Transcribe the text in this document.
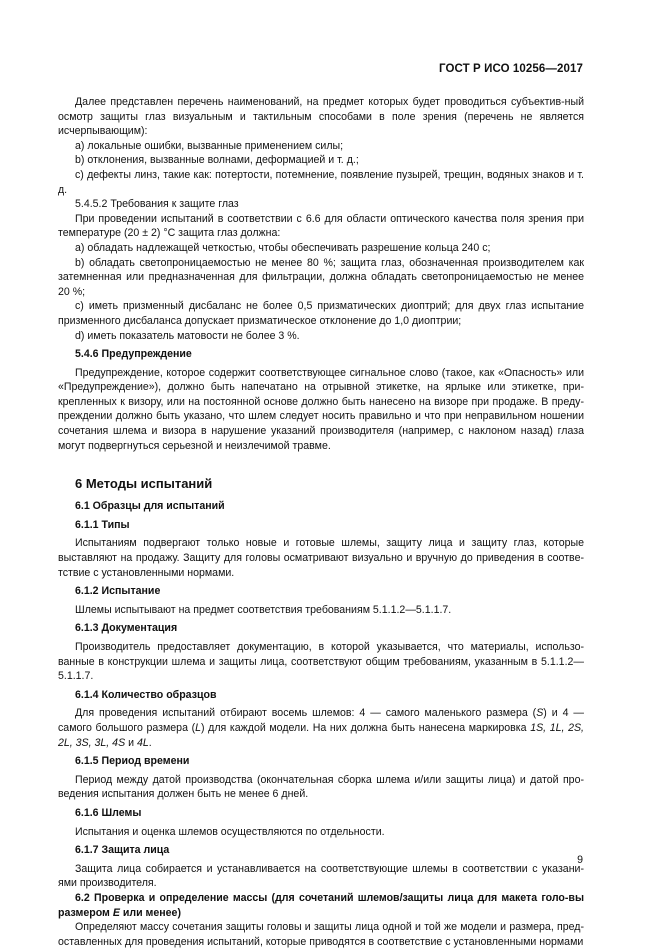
ГОСТ Р ИСО 10256—2017

Далее представлен перечень наименований, на предмет которых будет проводиться субъектив-ный осмотр защиты глаз визуальным и тактильным способами в поле зрения (перечень не является исчерпывающим):

a) локальные ошибки, вызванные применением силы;

b) отклонения, вызванные волнами, деформацией и т. д.;

c) дефекты линз, такие как: потертости, потемнение, появление пузырей, трещин, водяных знаков и т. д.

5.4.5.2 Требования к защите глаз

При проведении испытаний в соответствии с 6.6 для области оптического качества поля зрения при температуре (20 ± 2) °С защита глаз должна:

a) обладать надлежащей четкостью, чтобы обеспечивать разрешение кольца 240 с;

b) обладать светопроницаемостью не менее 80 %; защита глаз, обозначенная производителем как затемненная или предназначенная для фильтрации, должна обладать светопроницаемостью не менее 20 %;

c) иметь призменный дисбаланс не более 0,5 призматических диоптрий; для двух глаз испытание призменного дисбаланса допускает призматическое отклонение до 1,0 диоптрии;

d) иметь показатель матовости не более 3 %.

5.4.6 Предупреждение

Предупреждение, которое содержит соответствующее сигнальное слово (такое, как «Опасность» или «Предупреждение»), должно быть напечатано на отрывной этикетке, на ярлыке или этикетке, при-крепленных к визору, или на постоянной основе должно быть нанесено на визоре при продаже. В преду-преждении должно быть указано, что шлем следует носить правильно и что при неправильном ношении сочетания шлема и визора в нарушение указаний производителя (например, с наклоном назад) глаза могут подвергнуться серьезной и неизлечимой травме.

6 Методы испытаний

6.1 Образцы для испытаний

6.1.1 Типы

Испытаниям подвергают только новые и готовые шлемы, защиту лица и защиту глаз, которые выставляют на продажу. Защиту для головы осматривают визуально и вручную до приведения в соотве-тствие с установленными нормами.

6.1.2 Испытание

Шлемы испытывают на предмет соответствия требованиям 5.1.1.2—5.1.1.7.

6.1.3 Документация

Производитель предоставляет документацию, в которой указывается, что материалы, использо-ванные в конструкции шлема и защиты лица, соответствуют общим требованиям, указанным в 5.1.1.2—5.1.1.7.

6.1.4 Количество образцов

Для проведения испытаний отбирают восемь шлемов: 4 — самого маленького размера (S) и 4 — самого большого размера (L) для каждой модели. На них должна быть нанесена маркировка 1S, 1L, 2S, 2L, 3S, 3L, 4S и 4L.

6.1.5 Период времени

Период между датой производства (окончательная сборка шлема и/или защиты лица) и датой про-ведения испытания должен быть не менее 6 дней.

6.1.6 Шлемы

Испытания и оценка шлемов осуществляются по отдельности.

6.1.7 Защита лица

Защита лица собирается и устанавливается на соответствующие шлемы в соответствии с указани-ями производителя.

6.2 Проверка и определение массы (для сочетаний шлемов/защиты лица для макета голо-вы размером E или менее)

Определяют массу сочетания защиты головы и защиты лица одной и той же модели и размера, пред-оставленных для проведения испытаний, которые приводятся в соответствие с установленными нормами

9
